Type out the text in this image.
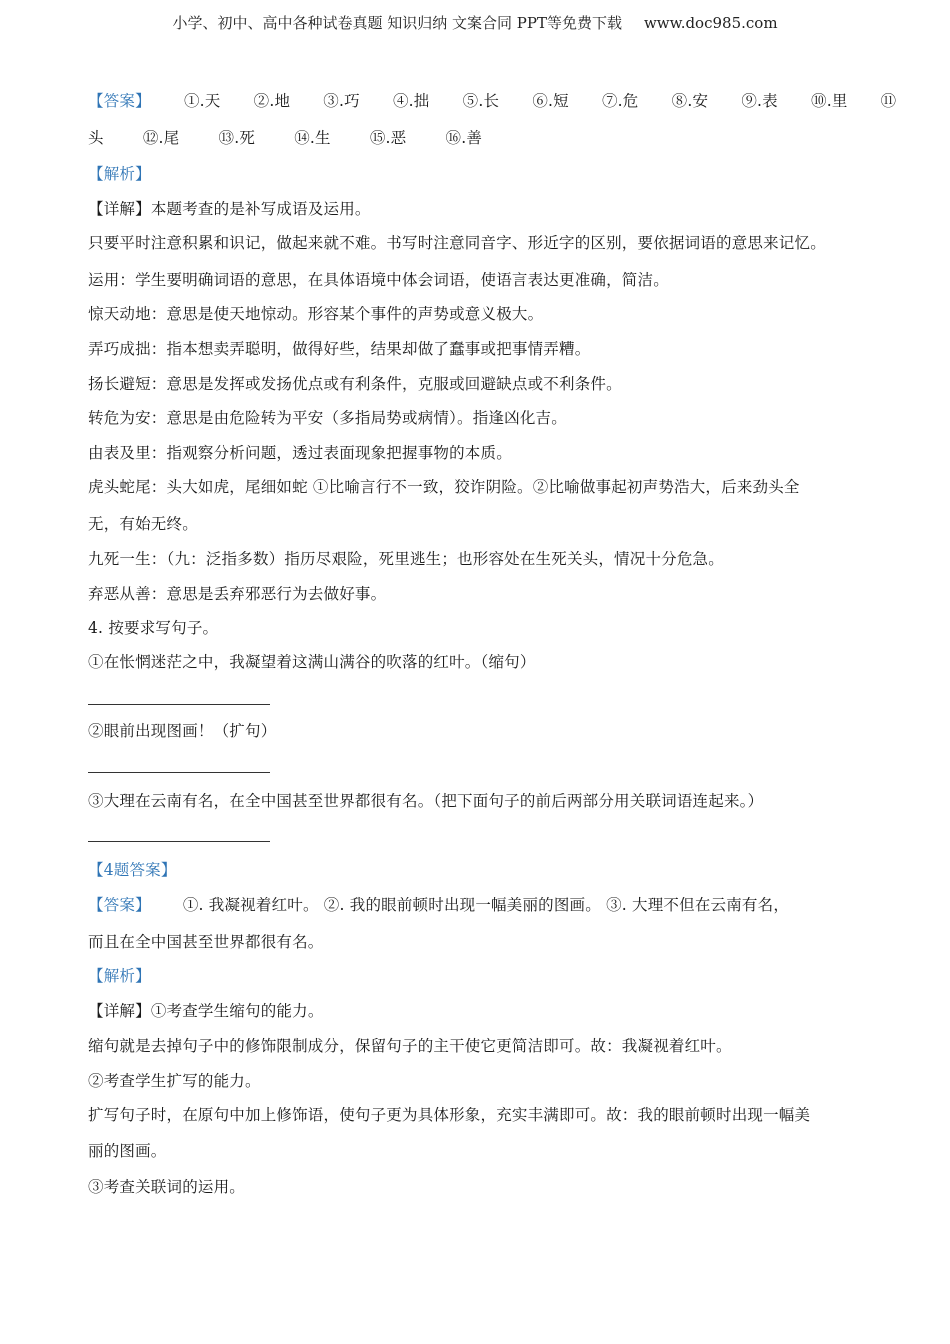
小学、初中、高中各种试卷真题 知识归纳 文案合同 PPT等免费下载 www.doc985.com
【答案】 ①.天 ②.地 ③.巧 ④.拙 ⑤.长 ⑥.短 ⑦.危 ⑧.安 ⑨.表 ⑩.里 ⑪
头	⑫.尾	⑬.死	⑭.生	⑮.恶	⑯.善
【解析】
【详解】本题考查的是补写成语及运用。
只要平时注意积累和识记，做起来就不难。书写时注意同音字、形近字的区别，要依据词语的意思来记忆。
运用：学生要明确词语的意思，在具体语境中体会词语，使语言表达更准确，简洁。
惊天动地：意思是使天地惊动。形容某个事件的声势或意义极大。
弄巧成拙：指本想卖弄聪明，做得好些，结果却做了蠢事或把事情弄糟。
扬长避短：意思是发挥或发扬优点或有利条件，克服或回避缺点或不利条件。
转危为安：意思是由危险转为平安（多指局势或病情）。指逢凶化吉。
由表及里：指观察分析问题，透过表面现象把握事物的本质。
虎头蛇尾：头大如虎，尾细如蛇 ①比喻言行不一致，狡诈阴险。②比喻做事起初声势浩大，后来劲头全
无，有始无终。
九死一生：（九：泛指多数）指历尽艰险，死里逃生；也形容处在生死关头，情况十分危急。
弃恶从善：意思是丢弃邪恶行为去做好事。
4. 按要求写句子。
①在怅惘迷茫之中，我凝望着这满山满谷的吹落的红叶。（缩句）
②眼前出现图画！（扩句）
③大理在云南有名，在全中国甚至世界都很有名。（把下面句子的前后两部分用关联词语连起来。）
【4题答案】
【答案】 ①. 我凝视着红叶。 ②. 我的眼前顿时出现一幅美丽的图画。 ③. 大理不但在云南有名，
而且在全中国甚至世界都很有名。
【解析】
【详解】①考查学生缩句的能力。
缩句就是去掉句子中的修饰限制成分，保留句子的主干使它更简洁即可。故：我凝视着红叶。
②考查学生扩写的能力。
扩写句子时，在原句中加上修饰语，使句子更为具体形象，充实丰满即可。故：我的眼前顿时出现一幅美
丽的图画。
③考查关联词的运用。
